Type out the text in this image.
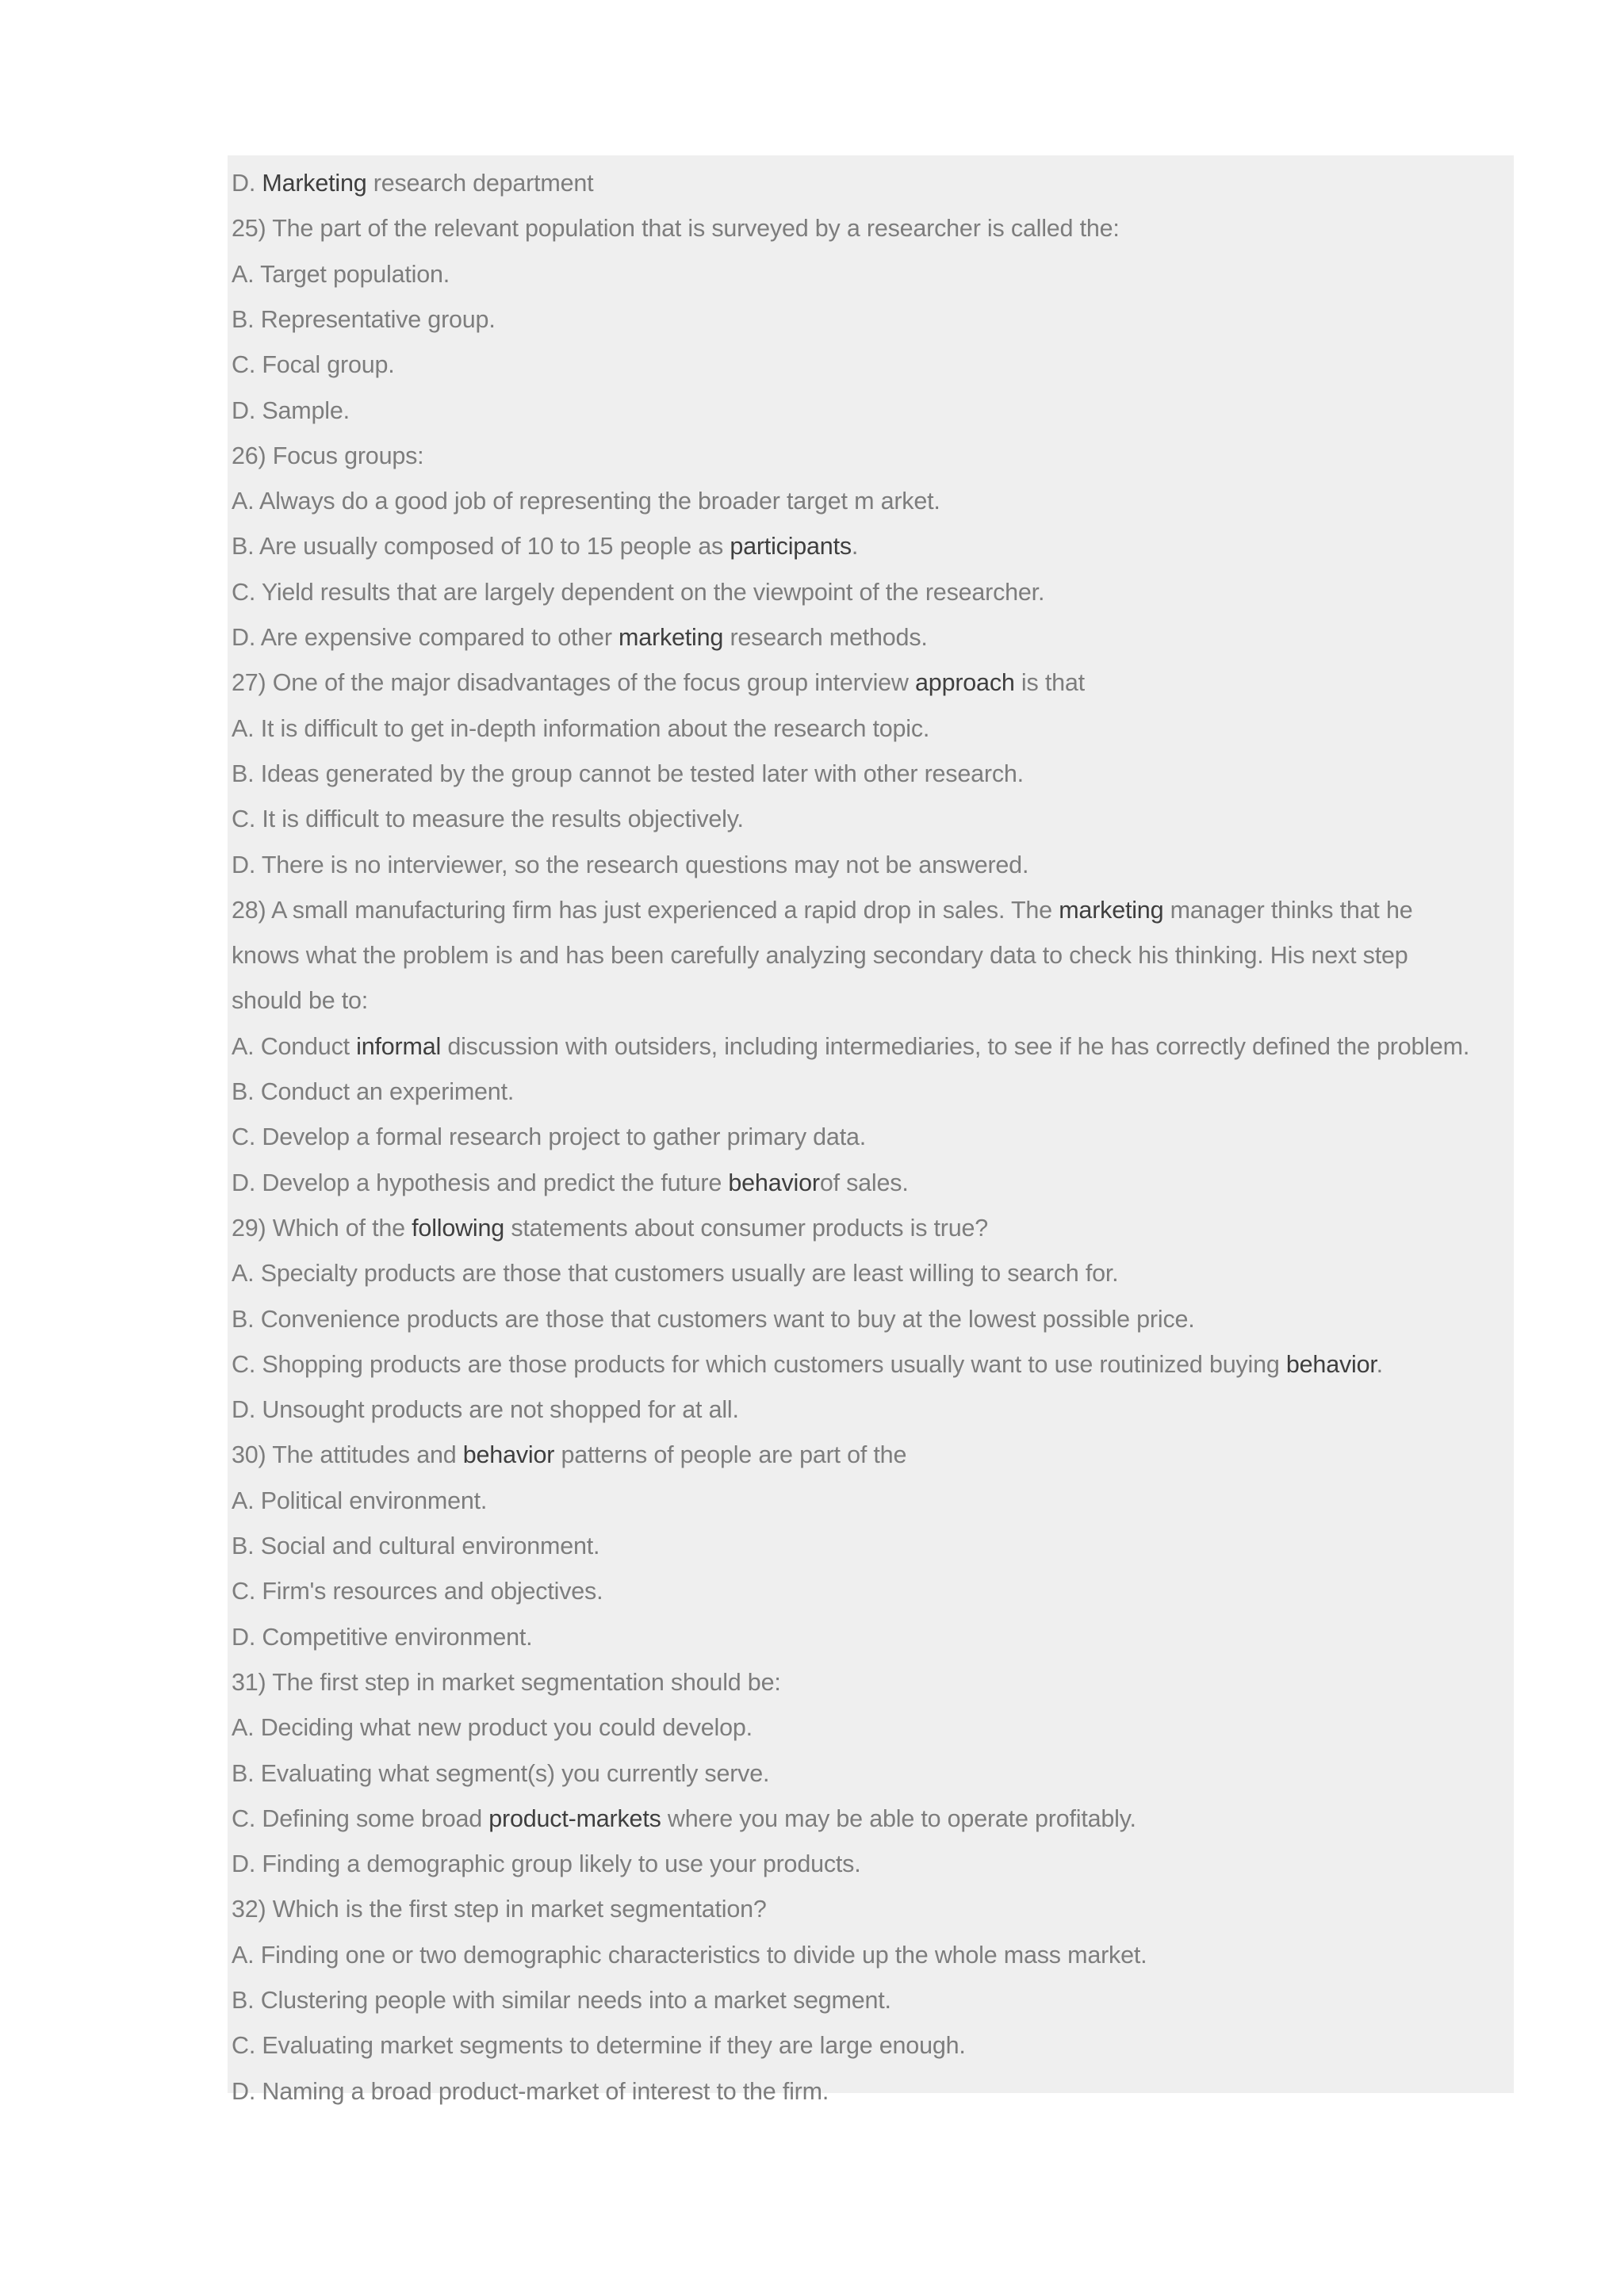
D. Marketing research department
25) The part of the relevant population that is surveyed by a researcher is called the:
A. Target population.
B. Representative group.
C. Focal group.
D. Sample.
26) Focus groups:
A. Always do a good job of representing the broader target m arket.
B. Are usually composed of 10 to 15 people as participants.
C. Yield results that are largely dependent on the viewpoint of the researcher.
D. Are expensive compared to other marketing research methods.
27) One of the major disadvantages of the focus group interview approach is that
A. It is difficult to get in-depth information about the research topic.
B. Ideas generated by the group cannot be tested later with other research.
C. It is difficult to measure the results objectively.
D. There is no interviewer, so the research questions may not be answered.
28) A small manufacturing firm has just experienced a rapid drop in sales. The marketing manager thinks that he
knows what the problem is and has been carefully analyzing secondary data to check his thinking. His next step
should be to:
A. Conduct informal discussion with outsiders, including intermediaries, to see if he has correctly defined the problem.
B. Conduct an experiment.
C. Develop a formal research project to gather primary data.
D. Develop a hypothesis and predict the future behaviorof sales.
29) Which of the following statements about consumer products is true?
A. Specialty products are those that customers usually are least willing to search for.
B. Convenience products are those that customers want to buy at the lowest possible price.
C. Shopping products are those products for which customers usually want to use routinized buying behavior.
D. Unsought products are not shopped for at all.
30) The attitudes and behavior patterns of people are part of the
A. Political environment.
B. Social and cultural environment.
C. Firm's resources and objectives.
D. Competitive environment.
31) The first step in market segmentation should be:
A. Deciding what new product you could develop.
B. Evaluating what segment(s) you currently serve.
C. Defining some broad product-markets where you may be able to operate profitably.
D. Finding a demographic group likely to use your products.
32) Which is the first step in market segmentation?
A. Finding one or two demographic characteristics to divide up the whole mass market.
B. Clustering people with similar needs into a market segment.
C. Evaluating market segments to determine if they are large enough.
D. Naming a broad product-market of interest to the firm.
